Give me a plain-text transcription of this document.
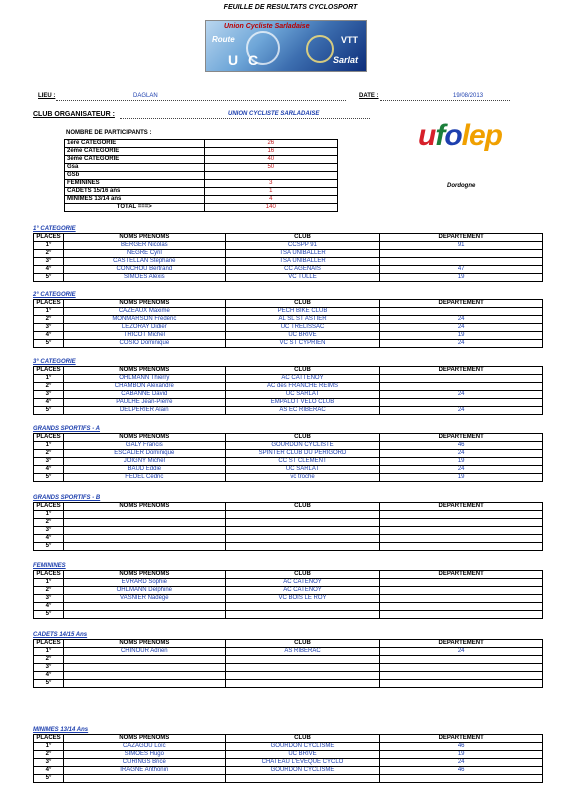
FEUILLE DE RESULTATS CYCLOSPORT
Union Cycliste Sarladaise
Route	VTT
U C	Sarlat
LIEU :	DAGLAN	DATE :	19/08/2013
CLUB ORGANISATEUR :	UNION CYCLISTE SARLADAISE
ufolep
Dordogne
NOMBRE DE PARTICIPANTS :
1ère CATEGORIE	26
2ème CATEGORIE	16
3ème CATEGORIE	40
Gsa	50
GSb	
FEMININES	3
CADETS 15/16 ans	1
MINIMES 13/14 ans	4
TOTAL ===>	140
1° CATEGORIE
PLACES	NOMS PRENOMS	CLUB	DEPARTEMENT
1°	BERGER Nicolas	CCSPP 91	91
2°	NEGRE Cyril	TSA UNIBALLER	
3°	CASTELLAN Stéphane	TSA UNIBALLER	
4°	CONCHOU Bertrand	CC AGENAIS	47
5°	SIMOES Alexis	VC TULLE	19
2° CATEGORIE
PLACES	NOMS PRENOMS	CLUB	DEPARTEMENT
1°	CAZEAUX Maxime	PECH BIKE CLUB	
2°	MONMARSON Frédéric	AL SL ST ASTIER	24
3°	LEZORAY Didier	UC TRELISSAC	24
4°	TRICOT Michel	UC BRIVE	19
5°	COSIO Dominique	VC ST CYPRIEN	24
3° CATEGORIE
PLACES	NOMS PRENOMS	CLUB	DEPARTEMENT
1°	OHLMANN Thierry	AC CATTENOY	
2°	CHAMBON Alexandre	AC des FRANCHE REIMS	
3°	CABANNE David	UC SARLAT	24
4°	PAULHE Jean-Pierre	EMPALOT VELO CLUB	
5°	DELPERIER Alain	AS EC RIBERAC	24
GRANDS SPORTIFS - A
PLACES	NOMS PRENOMS	CLUB	DEPARTEMENT
1°	GALY Francis	GOURDON CYCLISTE	46
2°	ESCALIER Dominique	SPINTER CLUB DU PERIGORD	24
3°	JOIGNY Michel	CC ST CLEMENT	19
4°	BAUD Eddie	UC SARLAT	24
5°	FEDEL Cédric	vc troche	19
GRANDS SPORTIFS - B
PLACES	NOMS PRENOMS	CLUB	DEPARTEMENT
1°			
2°			
3°			
4°			
5°			
FEMININES
PLACES	NOMS PRENOMS	CLUB	DEPARTEMENT
1°	EVRARD Sophie	AC CATENOY	
2°	OHLMANN Delphine	AC CATENOY	
3°	VASNIER Nadège	VC BOIS LE ROY	
4°			
5°			
CADETS 14/15 Ans
PLACES	NOMS PRENOMS	CLUB	DEPARTEMENT
1°	CHINOUR Adrien	AS RIBERAC	24
2°			
3°			
4°			
5°			
MINIMES 13/14 Ans
PLACES	NOMS PRENOMS	CLUB	DEPARTEMENT
1°	CAZAGOU Loïc	GOURDON CYCLISME	46
2°	SIMOES Hugo	UC BRIVE	19
3°	CURINGS Brice	CHATEAU L'EVEQUE CYCLO	24
4°	IRAGNE Anthonin	GOURDON CYCLISME	46
5°			
